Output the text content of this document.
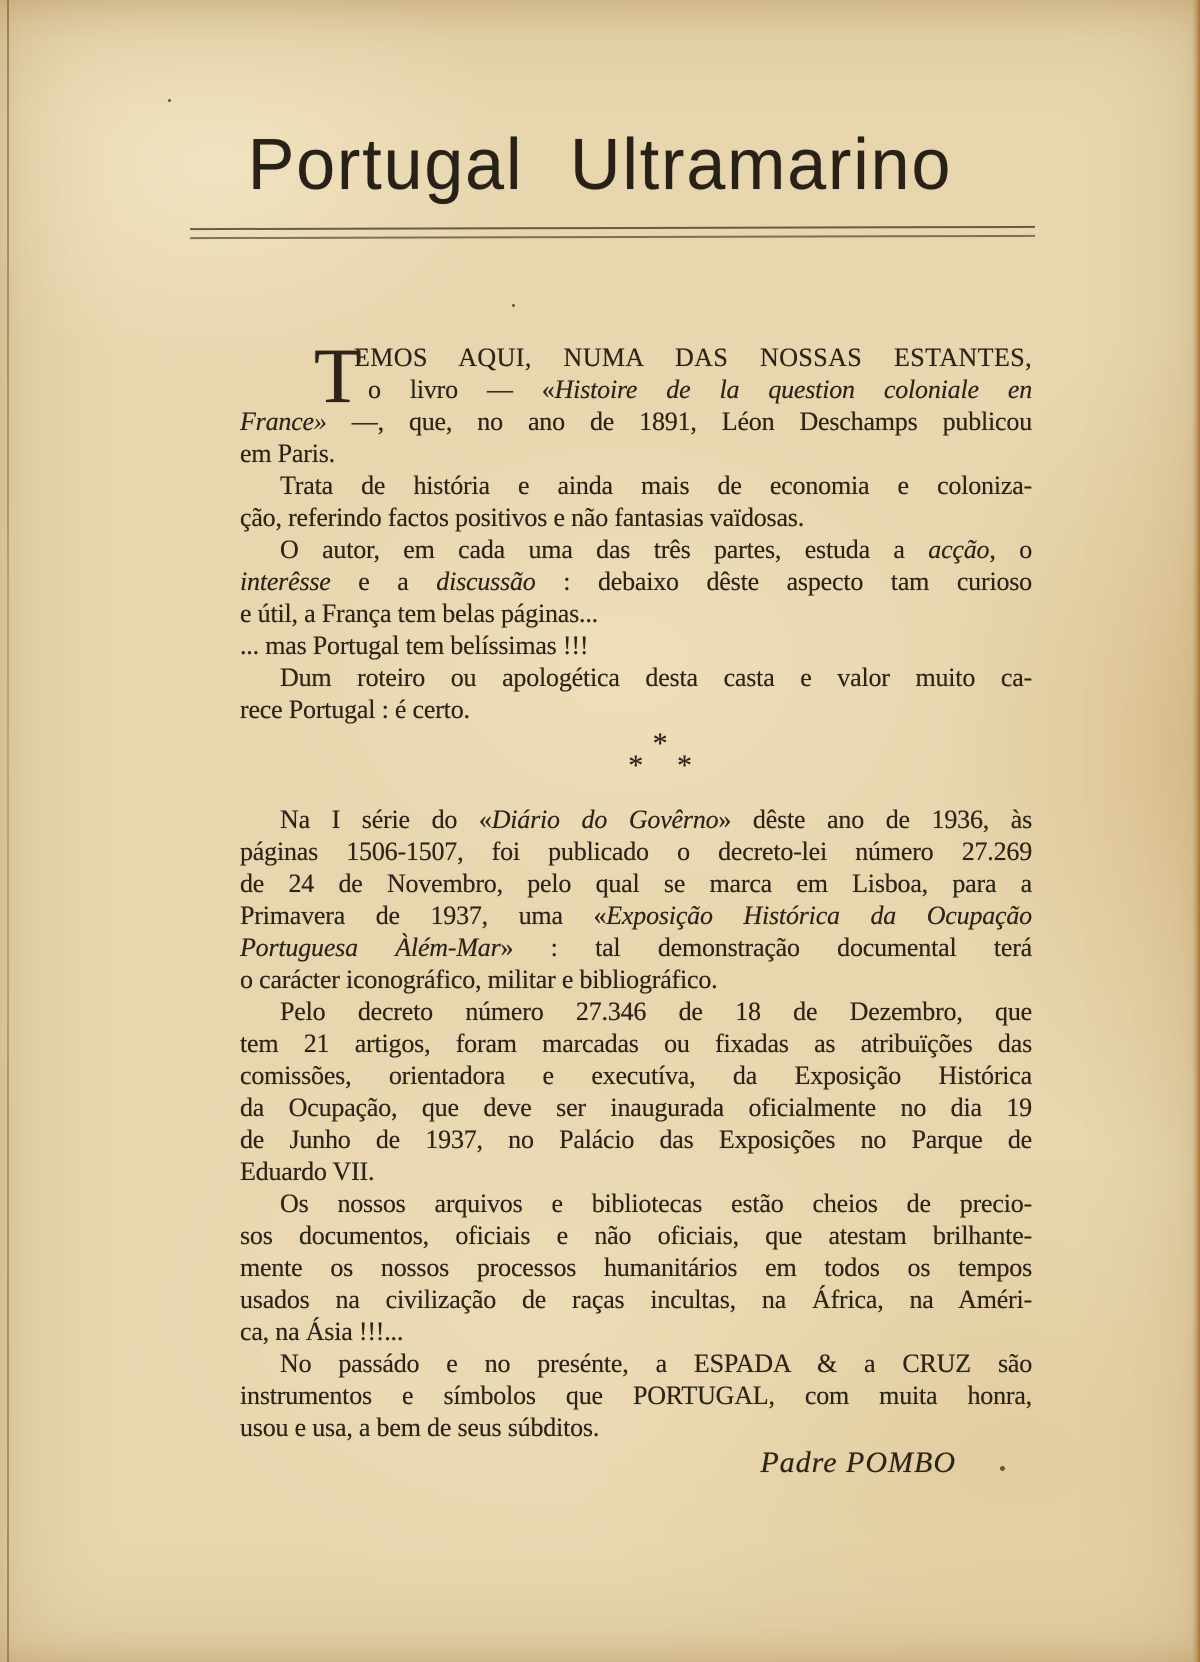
Portugal Ultramarino
T
EMOS AQUI, NUMA DAS NOSSAS ESTANTES,
o livro — «Histoire de la question coloniale en
France» —, que, no ano de 1891, Léon Deschamps publicou
em Paris.
Trata de história e ainda mais de economia e coloniza-
ção, referindo factos positivos e não fantasias vaïdosas.
O autor, em cada uma das três partes, estuda a acção, o
interêsse e a discussão : debaixo dêste aspecto tam curioso
e útil, a França tem belas páginas...
... mas Portugal tem belíssimas !!!
Dum roteiro ou apologética desta casta e valor muito ca-
rece Portugal : é certo.
*
* *
Na I série do «Diário do Govêrno» dêste ano de 1936, às
páginas 1506-1507, foi publicado o decreto-lei número 27.269
de 24 de Novembro, pelo qual se marca em Lisboa, para a
Primavera de 1937, uma «Exposição Histórica da Ocupação
Portuguesa Àlém-Mar» : tal demonstração documental terá
o carácter iconográfico, militar e bibliográfico.
Pelo decreto número 27.346 de 18 de Dezembro, que
tem 21 artigos, foram marcadas ou fixadas as atribuïções das
comissões, orientadora e executíva, da Exposição Histórica
da Ocupação, que deve ser inaugurada oficialmente no dia 19
de Junho de 1937, no Palácio das Exposições no Parque de
Eduardo VII.
Os nossos arquivos e bibliotecas estão cheios de precio-
sos documentos, oficiais e não oficiais, que atestam brilhante-
mente os nossos processos humanitários em todos os tempos
usados na civilização de raças incultas, na África, na Améri-
ca, na Ásia !!!...
No passádo e no presénte, a ESPADA & a CRUZ são
instrumentos e símbolos que PORTUGAL, com muita honra,
usou e usa, a bem de seus súbditos.
Padre POMBO
